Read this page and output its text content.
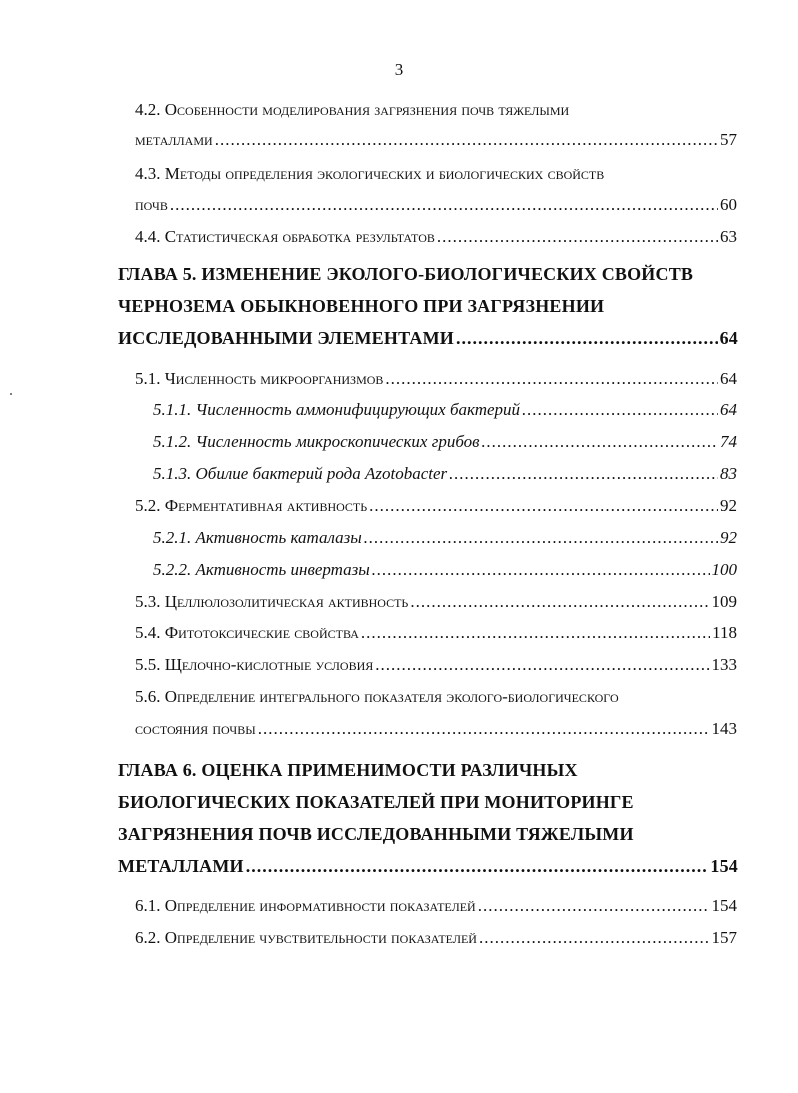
3
4.2. Особенности моделирования загрязнения почв тяжелыми
металлами .....	57
4.3. Методы определения экологических и биологических свойств
почв .....	60
4.4. Статистическая обработка результатов .....	63
ГЛАВА 5. ИЗМЕНЕНИЕ ЭКОЛОГО-БИОЛОГИЧЕСКИХ СВОЙСТВ
ЧЕРНОЗЕМА ОБЫКНОВЕННОГО ПРИ ЗАГРЯЗНЕНИИ
ИССЛЕДОВАННЫМИ ЭЛЕМЕНТАМИ .....	64
5.1. Численность микроорганизмов .....	64
5.1.1. Численность аммонифицирующих бактерий .....	64
5.1.2. Численность микроскопических грибов .....	74
5.1.3. Обилие бактерий рода Azotobacter .....	83
5.2. Ферментативная активность .....	92
5.2.1. Активность каталазы .....	92
5.2.2. Активность инвертазы .....	100
5.3. Целлюлозолитическая активность .....	109
5.4. Фитотоксические свойства .....	118
5.5. Щелочно-кислотные условия .....	133
5.6. Определение интегрального показателя эколого-биологического
состояния почвы .....	143
ГЛАВА 6. ОЦЕНКА ПРИМЕНИМОСТИ РАЗЛИЧНЫХ
БИОЛОГИЧЕСКИХ ПОКАЗАТЕЛЕЙ ПРИ МОНИТОРИНГЕ
ЗАГРЯЗНЕНИЯ ПОЧВ ИССЛЕДОВАННЫМИ ТЯЖЕЛЫМИ
МЕТАЛЛАМИ .....	154
6.1. Определение информативности показателей .....	154
6.2. Определение чувствительности показателей .....	157
